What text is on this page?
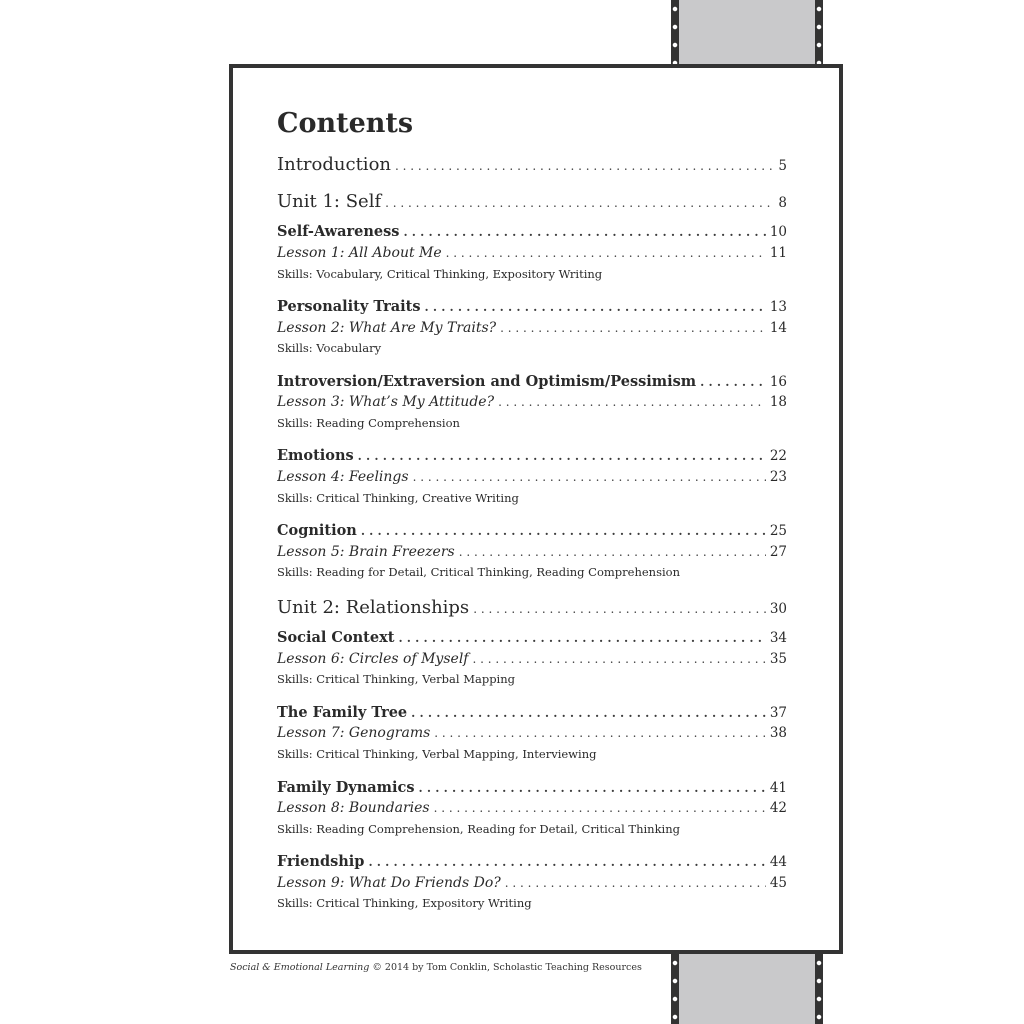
Contents
Introduction . . .	5
Unit 1: Self . . .	8
Self-Awareness . . .	10
Lesson 1: All About Me . . .	11
Skills: Vocabulary, Critical Thinking, Expository Writing
Personality Traits . . .	13
Lesson 2: What Are My Traits? . . .	14
Skills: Vocabulary
Introversion/Extraversion and Optimism/Pessimism . . .	16
Lesson 3: What’s My Attitude? . . .	18
Skills: Reading Comprehension
Emotions . . .	22
Lesson 4: Feelings . . .	23
Skills: Critical Thinking, Creative Writing
Cognition . . .	25
Lesson 5: Brain Freezers . . .	27
Skills: Reading for Detail, Critical Thinking, Reading Comprehension
Unit 2: Relationships . . .	30
Social Context . . .	34
Lesson 6: Circles of Myself . . .	35
Skills: Critical Thinking, Verbal Mapping
The Family Tree . . .	37
Lesson 7: Genograms . . .	38
Skills: Critical Thinking, Verbal Mapping, Interviewing
Family Dynamics . . .	41
Lesson 8: Boundaries . . .	42
Skills: Reading Comprehension, Reading for Detail, Critical Thinking
Friendship . . .	44
Lesson 9: What Do Friends Do? . . .	45
Skills: Critical Thinking, Expository Writing
Social & Emotional Learning © 2014 by Tom Conklin, Scholastic Teaching Resources
